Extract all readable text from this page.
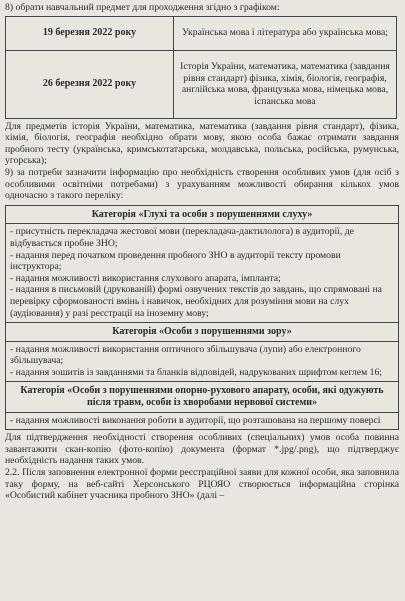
8) обрати навчальний предмет для проходження згідно з графіком:

19 березня 2022 року	Українська мова і література або українська мова;
26 березня 2022 року	Історія України, математика, математика (завдання рівня стандарт) фізика, хімія, біологія, географія, англійська мова, французька мова, німецька мова, іспанська мова

Для предметів історія України, математика, математика (завдання рівня стандарт), фізика, хімія, біологія, географія необхідно обрати мову, якою особа бажає отримати завдання пробного тесту (українська, кримськотатарська, молдавська, польська, російська, румунська, угорська);

9) за потреби зазначити інформацію про необхідність створення особливих умов (для осіб з особливими освітніми потребами) з урахуванням можливості обирання кількох умов одночасно з такого переліку:

Категорія «Глухі та особи з порушеннями слуху»
- присутність перекладача жестової мови (перекладача-дактилолога) в аудиторії, де відбувається пробне ЗНО;
- надання перед початком проведення пробного ЗНО в аудиторії тексту промови інструктора;
- надання можливості використання слухового апарата, імпланта;
- надання в письмовій (друкованій) формі озвучених текстів до завдань, що спрямовані на перевірку сформованості вмінь і навичок, необхідних для розуміння мови на слух (аудіювання) у разі реєстрації на іноземну мову;
Категорія «Особи з порушеннями зору»
- надання можливості використання оптичного збільшувача (лупи) або електронного збільшувача;
- надання зошитів із завданнями та бланків відповідей, надрукованих шрифтом кеглем 16;
Категорія «Особи з порушеннями опорно-рухового апарату, особи, які одужують після травм, особи із хворобами нервової системи»
- надання можливості виконання роботи в аудиторії, що розташована на першому поверсі

Для підтвердження необхідності створення особливих (спеціальних) умов особа повинна завантажити скан-копію (фото-копію) документа (формат *.jpg/.png), що підтверджує необхідність надання таких умов.

2.2. Після заповнення електронної форми реєстраційної заяви для кожної особи, яка заповнила таку форму, на веб-сайті Херсонського РЦОЯО створюється інформаційна сторінка «Особистий кабінет учасника пробного ЗНО» (далі –
